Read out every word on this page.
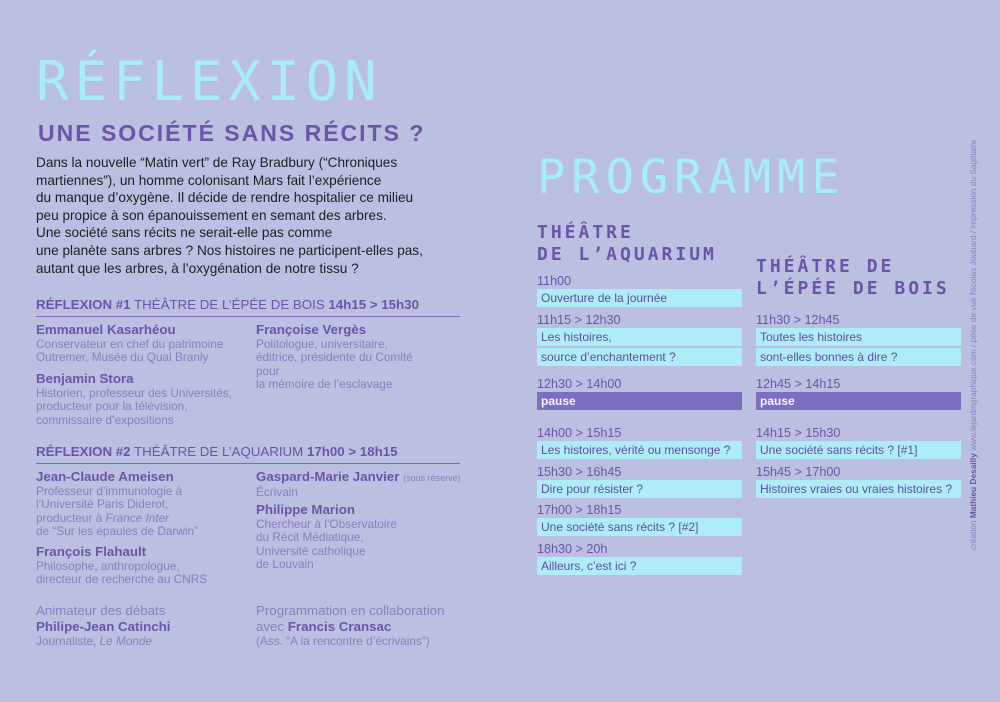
RÉFLEXION
UNE SOCIÉTÉ SANS RÉCITS ?

Dans la nouvelle “Matin vert” de Ray Bradbury (“Chroniques

martiennes”), un homme colonisant Mars fait l’expérience

du manque d’oxygène. Il décide de rendre hospitalier ce milieu

peu propice à son épanouissement en semant des arbres.

Une société sans récits ne serait-elle pas comme

une planète sans arbres ? Nos histoires ne participent-elles pas,

autant que les arbres, à l’oxygénation de notre tissu ?

RÉFLEXION #1 THÉÂTRE DE L’ÉPÉE DE BOIS 14h15 > 15h30
Emmanuel Kasarhéou
Conservateur en chef du patrimoine
Outremer, Musée du Quai Branly
Benjamin Stora
Historien, professeur des Universités,
producteur pour la télévision,
commissaire d’expositions
Françoise Vergès
Politologue, universitaire,
éditrice, présidente du Comité
pour
la mémoire de l’esclavage
RÉFLEXION #2 THÉÂTRE DE L’AQUARIUM 17h00 > 18h15
Jean-Claude Ameisen
Professeur d’immunologie à
l’Université Paris Diderot,
producteur à France Inter
de “Sur les épaules de Darwin”
François Flahault
Philosophe, anthropologue,
directeur de recherche au CNRS
Gaspard-Marie Janvier (sous réserve)
Écrivain
Philippe Marion
Chercheur à l’Observatoire
du Récit Médiatique,
Université catholique
de Louvain
Animateur des débats
Philipe-Jean Catinchi
Journaliste, Le Monde
Programmation en collaboration
avec Francis Cransac
(Ass. “A la rencontre d’écrivains”)
PROGRAMME
THÉÂTRE
DE L’AQUARIUM
THÉÂTRE DE
L’ÉPÉE DE BOIS
11h00
Ouverture de la journée
11h15 > 12h30
Les histoires,
source d’enchantement ?
12h30 > 14h00
pause
14h00 > 15h15
Les histoires, vérité ou mensonge ?
15h30 > 16h45
Dire pour résister ?
17h00 > 18h15
Une société sans récits ? [#2]
18h30 > 20h
Ailleurs, c’est ici ?
11h30 > 12h45
Toutes les histoires
sont-elles bonnes à dire ?
12h45 > 14h15
pause
14h15 > 15h30
Une société sans récits ? [#1]
15h45 > 17h00
Histoires vraies ou vraies histoires ?
création Mathieu Desailly www.lejardingraphique.com / prise de vue Nicolas Joubard / impression du Sagittaire
